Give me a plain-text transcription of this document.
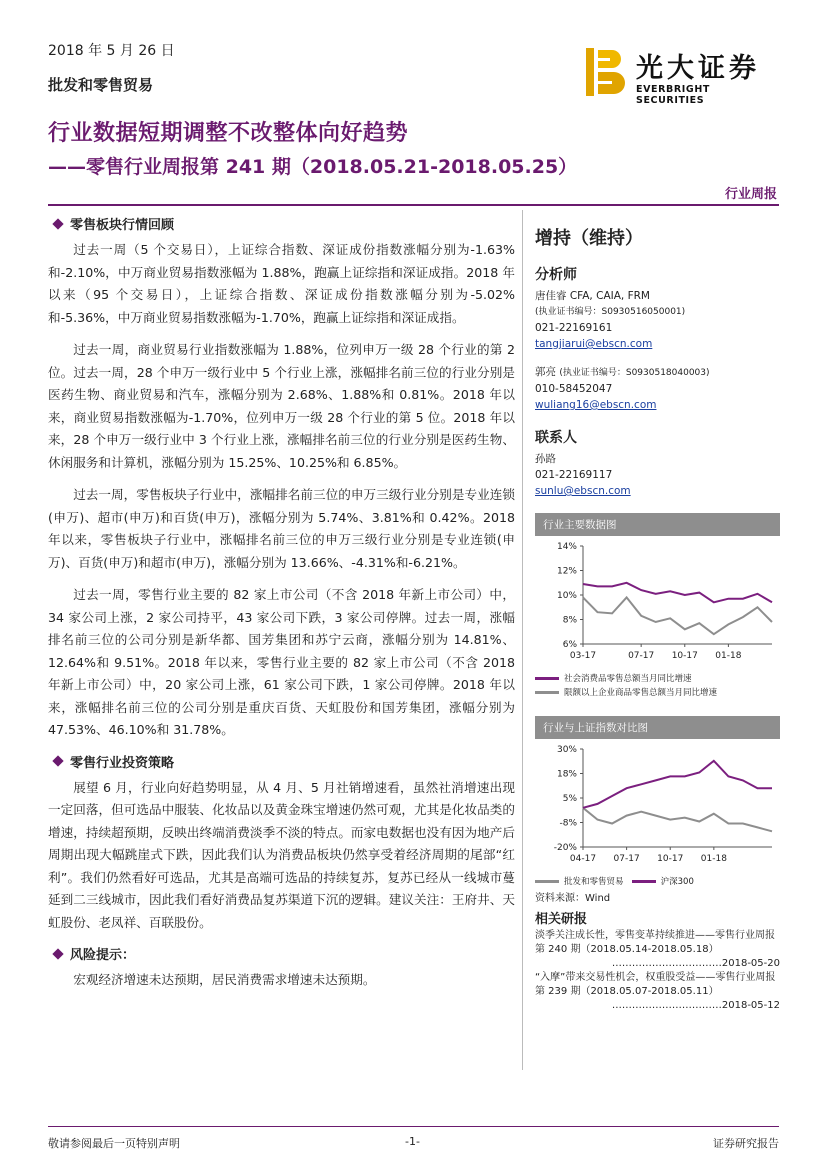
2018 年 5 月 26 日
批发和零售贸易
行业数据短期调整不改整体向好趋势
——零售行业周报第 241 期（2018.05.21-2018.05.25）
行业周报
光大证券
EVERBRIGHT SECURITIES
零售板块行情回顾

过去一周（5 个交易日），上证综合指数、深证成份指数涨幅分别为-1.63%和-2.10%，中万商业贸易指数涨幅为 1.88%，跑赢上证综指和深证成指。2018 年以来（95 个交易日），上证综合指数、深证成份指数涨幅分别为-5.02%和-5.36%，中万商业贸易指数涨幅为-1.70%，跑赢上证综指和深证成指。

过去一周，商业贸易行业指数涨幅为 1.88%，位列申万一级 28 个行业的第 2 位。过去一周，28 个申万一级行业中 5 个行业上涨，涨幅排名前三位的行业分别是医药生物、商业贸易和汽车，涨幅分别为 2.68%、1.88%和 0.81%。2018 年以来，商业贸易指数涨幅为-1.70%，位列申万一级 28 个行业的第 5 位。2018 年以来，28 个申万一级行业中 3 个行业上涨，涨幅排名前三位的行业分别是医药生物、休闲服务和计算机，涨幅分别为 15.25%、10.25%和 6.85%。

过去一周，零售板块子行业中，涨幅排名前三位的申万三级行业分别是专业连锁(申万)、超市(申万)和百货(申万)，涨幅分别为 5.74%、3.81%和 0.42%。2018 年以来，零售板块子行业中，涨幅排名前三位的申万三级行业分别是专业连锁(申万)、百货(申万)和超市(申万)，涨幅分别为 13.66%、-4.31%和-6.21%。

过去一周，零售行业主要的 82 家上市公司（不含 2018 年新上市公司）中，34 家公司上涨，2 家公司持平，43 家公司下跌，3 家公司停牌。过去一周，涨幅排名前三位的公司分别是新华都、国芳集团和苏宁云商，涨幅分别为 14.81%、12.64%和 9.51%。2018 年以来，零售行业主要的 82 家上市公司（不含 2018 年新上市公司）中，20 家公司上涨，61 家公司下跌，1 家公司停牌。2018 年以来，涨幅排名前三位的公司分别是重庆百货、天虹股份和国芳集团，涨幅分别为 47.53%、46.10%和 31.78%。

零售行业投资策略

展望 6 月，行业向好趋势明显，从 4 月、5 月社销增速看，虽然社消增速出现一定回落，但可选品中服装、化妆品以及黄金珠宝增速仍然可观，尤其是化妆品类的增速，持续超预期，反映出终端消费淡季不淡的特点。而家电数据也没有因为地产后周期出现大幅跳崖式下跌，因此我们认为消费品板块仍然享受着经济周期的尾部“红利”。我们仍然看好可选品，尤其是高端可选品的持续复苏，复苏已经从一线城市蔓延到二三线城市，因此我们看好消费品复苏渠道下沉的逻辑。建议关注：王府井、天虹股份、老凤祥、百联股份。

风险提示：

宏观经济增速未达预期，居民消费需求增速未达预期。

增持（维持）
分析师
唐佳睿 CFA, CAIA, FRM
(执业证书编号：S0930516050001)
021-22169161
tangjiarui@ebscn.com
郭亮 (执业证书编号：S0930518040003)
010-58452047
wuliang16@ebscn.com
联系人
孙路
021-22169117
sunlu@ebscn.com
行业主要数据图
14%
12%
10%
8%
6%
03-17	07-17 10-17 01-18
社会消费品零售总额当月同比增速
限额以上企业商品零售总额当月同比增速
行业与上证指数对比图
30%
18%
5%
-8%
-20%
04-17 07-17 10-17 01-18
批发和零售贸易
	沪深300
资料来源：Wind
相关研报
淡季关注成长性，零售变革持续推进——零售行业周报第 240 期（2018.05.14-2018.05.18）
……………………………2018-05-20
“入摩”带来交易性机会，权重股受益——零售行业周报第 239 期（2018.05.07-2018.05.11）
……………………………2018-05-12
敬请参阅最后一页特别声明	-1-	证券研究报告
